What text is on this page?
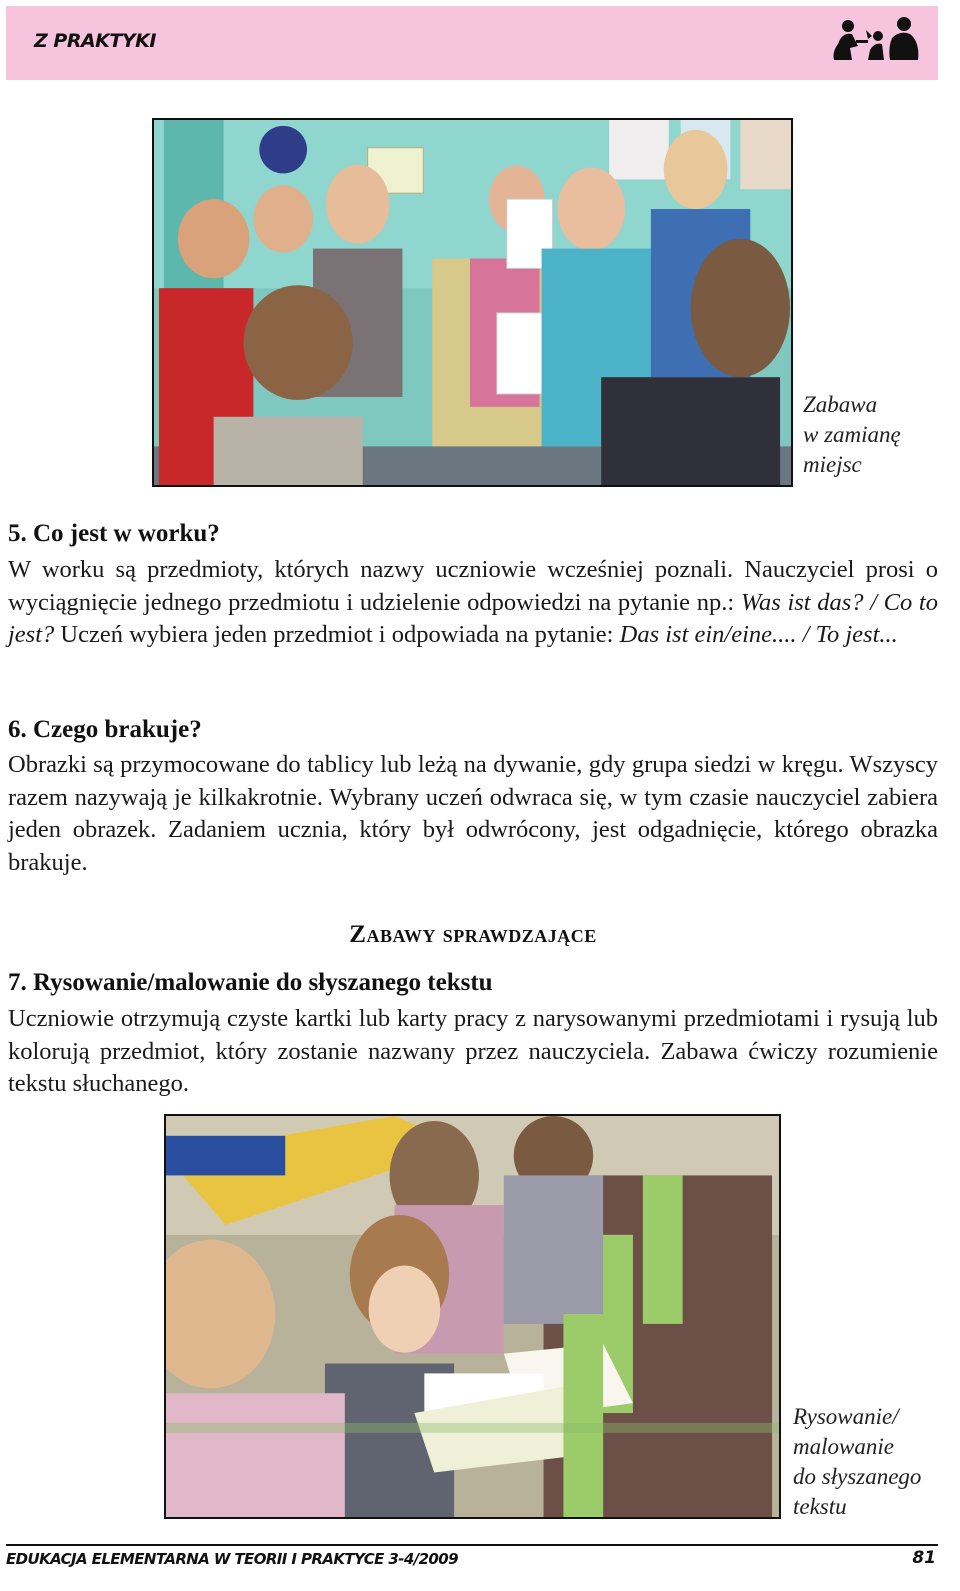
Z PRAKTYKI
Zabawa
w zamianę
miejsc
5. Co jest w worku?
W worku są przedmioty, których nazwy uczniowie wcześniej poznali. Nauczyciel prosi o wyciągnięcie jednego przedmiotu i udzielenie odpowiedzi na pytanie np.: Was ist das? / Co to jest? Uczeń wybiera jeden przedmiot i odpowiada na pytanie: Das ist ein/eine.... / To jest...
6. Czego brakuje?
Obrazki są przymocowane do tablicy lub leżą na dywanie, gdy grupa siedzi w kręgu. Wszyscy razem nazywają je kilkakrotnie. Wybrany uczeń odwraca się, w tym czasie nauczyciel zabiera jeden obrazek. Zadaniem ucznia, który był odwrócony, jest odgadnięcie, którego obrazka brakuje.
Zabawy sprawdzające
7. Rysowanie/malowanie do słyszanego tekstu
Uczniowie otrzymują czyste kartki lub karty pracy z narysowanymi przedmiotami i rysują lub kolorują przedmiot, który zostanie nazwany przez nauczyciela. Zabawa ćwiczy rozumienie tekstu słuchanego.
Rysowanie/
malowanie
do słyszanego
tekstu
EDUKACJA ELEMENTARNA W TEORII I PRAKTYCE 3-4/2009	81
